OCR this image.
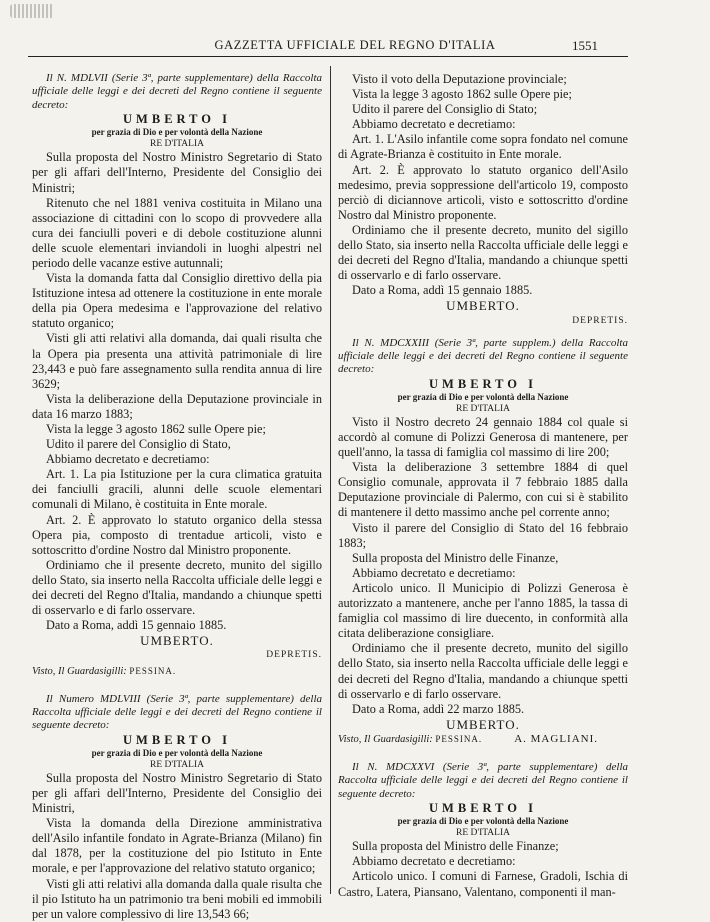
GAZZETTA UFFICIALE DEL REGNO D'ITALIA	1551

Il N. MDLVII (Serie 3ª, parte supplementare) della Raccolta ufficiale delle leggi e dei decreti del Regno contiene il seguente decreto:

UMBERTO I

per grazia di Dio e per volontà della Nazione

RE D'ITALIA

Sulla proposta del Nostro Ministro Segretario di Stato per gli affari dell'Interno, Presidente del Consiglio dei Ministri;

Ritenuto che nel 1881 veniva costituita in Milano una associazione di cittadini con lo scopo di provvedere alla cura dei fanciulli poveri e di debole costituzione alunni delle scuole elementari inviandoli in luoghi alpestri nel periodo delle vacanze estive autunnali;

Vista la domanda fatta dal Consiglio direttivo della pia Istituzione intesa ad ottenere la costituzione in ente morale della pia Opera medesima e l'approvazione del relativo statuto organico;

Visti gli atti relativi alla domanda, dai quali risulta che la Opera pia presenta una attività patrimoniale di lire 23,443 e può fare assegnamento sulla rendita annua di lire 3629;

Vista la deliberazione della Deputazione provinciale in data 16 marzo 1883;

Vista la legge 3 agosto 1862 sulle Opere pie;

Udito il parere del Consiglio di Stato,

Abbiamo decretato e decretiamo:

Art. 1. La pia Istituzione per la cura climatica gratuita dei fanciulli gracili, alunni delle scuole elementari comunali di Milano, è costituita in Ente morale.

Art. 2. È approvato lo statuto organico della stessa Opera pia, composto di trentadue articoli, visto e sottoscritto d'ordine Nostro dal Ministro proponente.

Ordiniamo che il presente decreto, munito del sigillo dello Stato, sia inserto nella Raccolta ufficiale delle leggi e dei decreti del Regno d'Italia, mandando a chiunque spetti di osservarlo e di farlo osservare.

Dato a Roma, addì 15 gennaio 1885.

UMBERTO.

DEPRETIS.

Visto, Il Guardasigilli: PESSINA.

Il Numero MDLVIII (Serie 3ª, parte supplementare) della Raccolta ufficiale delle leggi e dei decreti del Regno contiene il seguente decreto:

UMBERTO I

per grazia di Dio e per volontà della Nazione

RE D'ITALIA

Sulla proposta del Nostro Ministro Segretario di Stato per gli affari dell'Interno, Presidente del Consiglio dei Ministri,

Vista la domanda della Direzione amministrativa dell'Asilo infantile fondato in Agrate-Brianza (Milano) fin dal 1878, per la costituzione del pio Istituto in Ente morale, e per l'approvazione del relativo statuto organico;

Visti gli atti relativi alla domanda dalla quale risulta che il pio Istituto ha un patrimonio tra beni mobili ed immobili per un valore complessivo di lire 13,543 66;

Visto il voto della Deputazione provinciale;

Vista la legge 3 agosto 1862 sulle Opere pie;

Udito il parere del Consiglio di Stato;

Abbiamo decretato e decretiamo:

Art. 1. L'Asilo infantile come sopra fondato nel comune di Agrate-Brianza è costituito in Ente morale.

Art. 2. È approvato lo statuto organico dell'Asilo medesimo, previa soppressione dell'articolo 19, composto perciò di diciannove articoli, visto e sottoscritto d'ordine Nostro dal Ministro proponente.

Ordiniamo che il presente decreto, munito del sigillo dello Stato, sia inserto nella Raccolta ufficiale delle leggi e dei decreti del Regno d'Italia, mandando a chiunque spetti di osservarlo e di farlo osservare.

Dato a Roma, addì 15 gennaio 1885.

UMBERTO.

DEPRETIS.

Il N. MDCXXIII (Serie 3ª, parte supplem.) della Raccolta ufficiale delle leggi e dei decreti del Regno contiene il seguente decreto:

UMBERTO I

per grazia di Dio e per volontà della Nazione

RE D'ITALIA

Visto il Nostro decreto 24 gennaio 1884 col quale si accordò al comune di Polizzi Generosa di mantenere, per quell'anno, la tassa di famiglia col massimo di lire 200;

Vista la deliberazione 3 settembre 1884 di quel Consiglio comunale, approvata il 7 febbraio 1885 dalla Deputazione provinciale di Palermo, con cui si è stabilito di mantenere il detto massimo anche pel corrente anno;

Visto il parere del Consiglio di Stato del 16 febbraio 1883;

Sulla proposta del Ministro delle Finanze,

Abbiamo decretato e decretiamo:

Articolo unico. Il Municipio di Polizzi Generosa è autorizzato a mantenere, anche per l'anno 1885, la tassa di famiglia col massimo di lire duecento, in conformità alla citata deliberazione consigliare.

Ordiniamo che il presente decreto, munito del sigillo dello Stato, sia inserto nella Raccolta ufficiale delle leggi e dei decreti del Regno d'Italia, mandando a chiunque spetti di osservarlo e di farlo osservare.

Dato a Roma, addì 22 marzo 1885.

UMBERTO.

Visto, Il Guardasigilli: PESSINA.	A. MAGLIANI.

Il N. MDCXXVI (Serie 3ª, parte supplementare) della Raccolta ufficiale delle leggi e dei decreti del Regno contiene il seguente decreto:

UMBERTO I

per grazia di Dio e per volontà della Nazione

RE D'ITALIA

Sulla proposta del Ministro delle Finanze;

Abbiamo decretato e decretiamo:

Articolo unico. I comuni di Farnese, Gradoli, Ischia di Castro, Latera, Piansano, Valentano, componenti il man-
